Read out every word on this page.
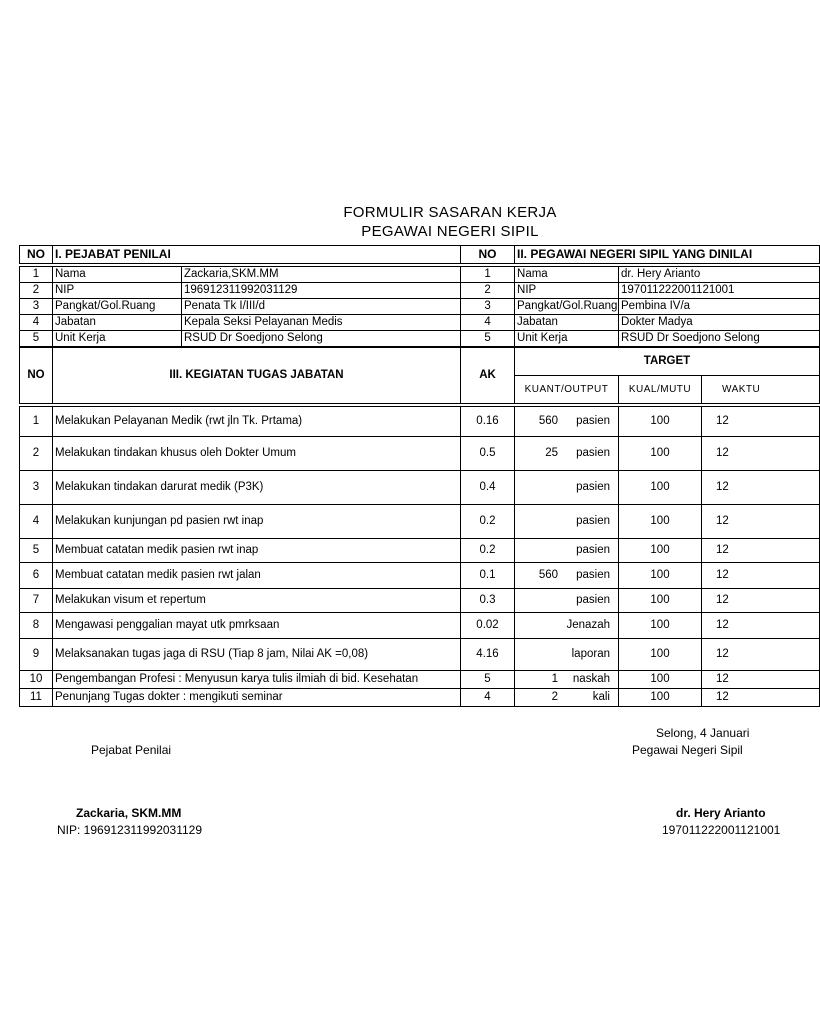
FORMULIR SASARAN KERJA
PEGAWAI NEGERI SIPIL
NO	I. PEJABAT PENILAI		NO	II. PEGAWAI NEGERI SIPIL YANG DINILAI	

1	Nama	Zackaria,SKM.MM	1	Nama	dr. Hery Arianto
2	NIP	196912311992031129	2	NIP	197011222001121001
3	Pangkat/Gol.Ruang	Penata Tk I/III/d	3	Pangkat/Gol.Ruang	Pembina IV/a
4	Jabatan	Kepala Seksi Pelayanan Medis	4	Jabatan	Dokter Madya
5	Unit Kerja	RSUD Dr Soedjono Selong	5	Unit Kerja	RSUD Dr Soedjono Selong

NO	III. KEGIATAN TUGAS JABATAN	AK	TARGET		
			KUANT/OUTPUT	KUAL/MUTU	WAKTU

1	Melakukan Pelayanan Medik (rwt jln Tk. Prtama)	0.16	560 pasien	100	12
2	Melakukan tindakan khusus oleh Dokter Umum	0.5	25 pasien	100	12
3	Melakukan tindakan darurat medik (P3K)	0.4	pasien	100	12
4	Melakukan kunjungan pd pasien rwt inap	0.2	pasien	100	12
5	Membuat catatan medik pasien rwt inap	0.2	pasien	100	12
6	Membuat catatan medik pasien rwt jalan	0.1	560 pasien	100	12
7	Melakukan visum et repertum	0.3	pasien	100	12
8	Mengawasi penggalian mayat utk pmrksaan	0.02	Jenazah	100	12
9	Melaksanakan tugas jaga di RSU (Tiap 8 jam, Nilai AK =0,08)	4.16	laporan	100	12
10	Pengembangan Profesi : Menyusun karya tulis ilmiah di bid. Kesehatan	5	1 naskah	100	12
11	Penunjang Tugas dokter : mengikuti seminar	4	2 kali	100	12
Selong, 4 Januari
Pejabat Penilai	Pegawai Negeri Sipil
Zackaria, SKM.MM
NIP: 196912311992031129
dr. Hery Arianto
197011222001121001
